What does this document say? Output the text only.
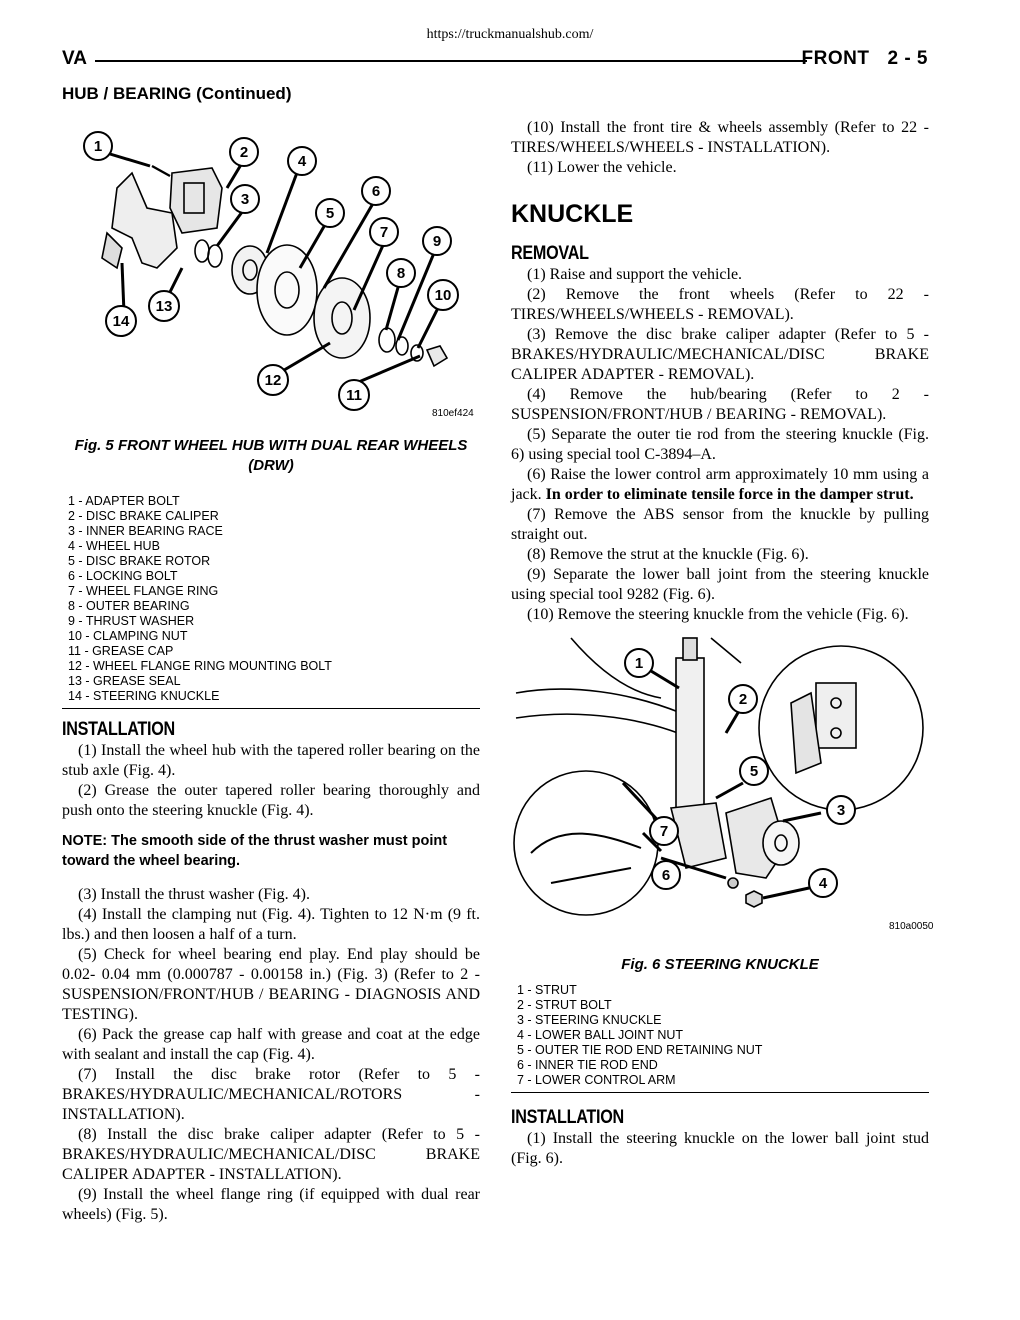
https://truckmanualshub.com/
VA	FRONT 2 - 5
HUB / BEARING (Continued)
1	2
4
3	6
5
7
9
8
10
13
14
12
11
810ef424
Fig. 5 FRONT WHEEL HUB WITH DUAL REAR WHEELS (DRW)
1 - ADAPTER BOLT
2 - DISC BRAKE CALIPER
3 - INNER BEARING RACE
4 - WHEEL HUB
5 - DISC BRAKE ROTOR
6 - LOCKING BOLT
7 - WHEEL FLANGE RING
8 - OUTER BEARING
9 - THRUST WASHER
10 - CLAMPING NUT
11 - GREASE CAP
12 - WHEEL FLANGE RING MOUNTING BOLT
13 - GREASE SEAL
14 - STEERING KNUCKLE
INSTALLATION

(1) Install the wheel hub with the tapered roller bearing on the stub axle (Fig. 4).

(2) Grease the outer tapered roller bearing thoroughly and push onto the steering knuckle (Fig. 4).

NOTE: The smooth side of the thrust washer must point toward the wheel bearing.

(3) Install the thrust washer (Fig. 4).

(4) Install the clamping nut (Fig. 4). Tighten to 12 N·m (9 ft. lbs.) and then loosen a half of a turn.

(5) Check for wheel bearing end play. End play should be 0.02- 0.04 mm (0.000787 - 0.00158 in.) (Fig. 3) (Refer to 2 - SUSPENSION/FRONT/HUB / BEARING - DIAGNOSIS AND TESTING).

(6) Pack the grease cap half with grease and coat at the edge with sealant and install the cap (Fig. 4).

(7) Install the disc brake rotor (Refer to 5 - BRAKES/HYDRAULIC/MECHANICAL/ROTORS - INSTALLATION).

(8) Install the disc brake caliper adapter (Refer to 5 - BRAKES/HYDRAULIC/MECHANICAL/DISC BRAKE CALIPER ADAPTER - INSTALLATION).

(9) Install the wheel flange ring (if equipped with dual rear wheels) (Fig. 5).

(10) Install the front tire & wheels assembly (Refer to 22 - TIRES/WHEELS/WHEELS - INSTALLATION).

(11) Lower the vehicle.

KNUCKLE
REMOVAL

(1) Raise and support the vehicle.

(2) Remove the front wheels (Refer to 22 - TIRES/WHEELS/WHEELS - REMOVAL).

(3) Remove the disc brake caliper adapter (Refer to 5 - BRAKES/HYDRAULIC/MECHANICAL/DISC BRAKE CALIPER ADAPTER - REMOVAL).

(4) Remove the hub/bearing (Refer to 2 - SUSPENSION/FRONT/HUB / BEARING - REMOVAL).

(5) Separate the outer tie rod from the steering knuckle (Fig. 6) using special tool C-3894–A.

(6) Raise the lower control arm approximately 10 mm using a jack. In order to eliminate tensile force in the damper strut.

(7) Remove the ABS sensor from the knuckle by pulling straight out.

(8) Remove the strut at the knuckle (Fig. 6).

(9) Separate the lower ball joint from the steering knuckle using special tool 9282 (Fig. 6).

(10) Remove the steering knuckle from the vehicle (Fig. 6).

1
2
5
3
7
6	4
810a0050
Fig. 6 STEERING KNUCKLE
1 - STRUT
2 - STRUT BOLT
3 - STEERING KNUCKLE
4 - LOWER BALL JOINT NUT
5 - OUTER TIE ROD END RETAINING NUT
6 - INNER TIE ROD END
7 - LOWER CONTROL ARM
INSTALLATION

(1) Install the steering knuckle on the lower ball joint stud (Fig. 6).
